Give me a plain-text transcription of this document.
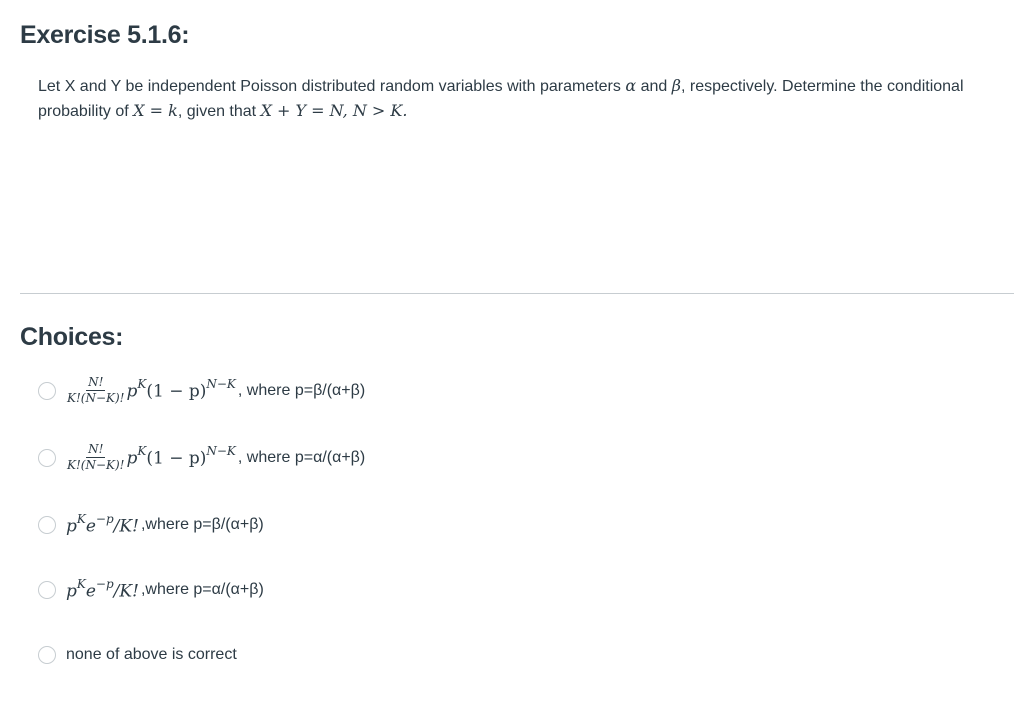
Exercise 5.1.6:
Let X and Y be independent Poisson distributed random variables with parameters α and β, respectively. Determine the conditional probability of X = k, given that X + Y = N, N > K.
Choices:
$\frac{N!}{K!(N-K)!} p^K(1 - p)^{N-K}$ , where p=β/(α+β)
$\frac{N!}{K!(N-K)!} p^K(1 - p)^{N-K}$ , where p=α/(α+β)
$p^Ke^{-p}/K$! ,where p=β/(α+β)
$p^Ke^{-p}/K$! ,where p=α/(α+β)
none of above is correct
